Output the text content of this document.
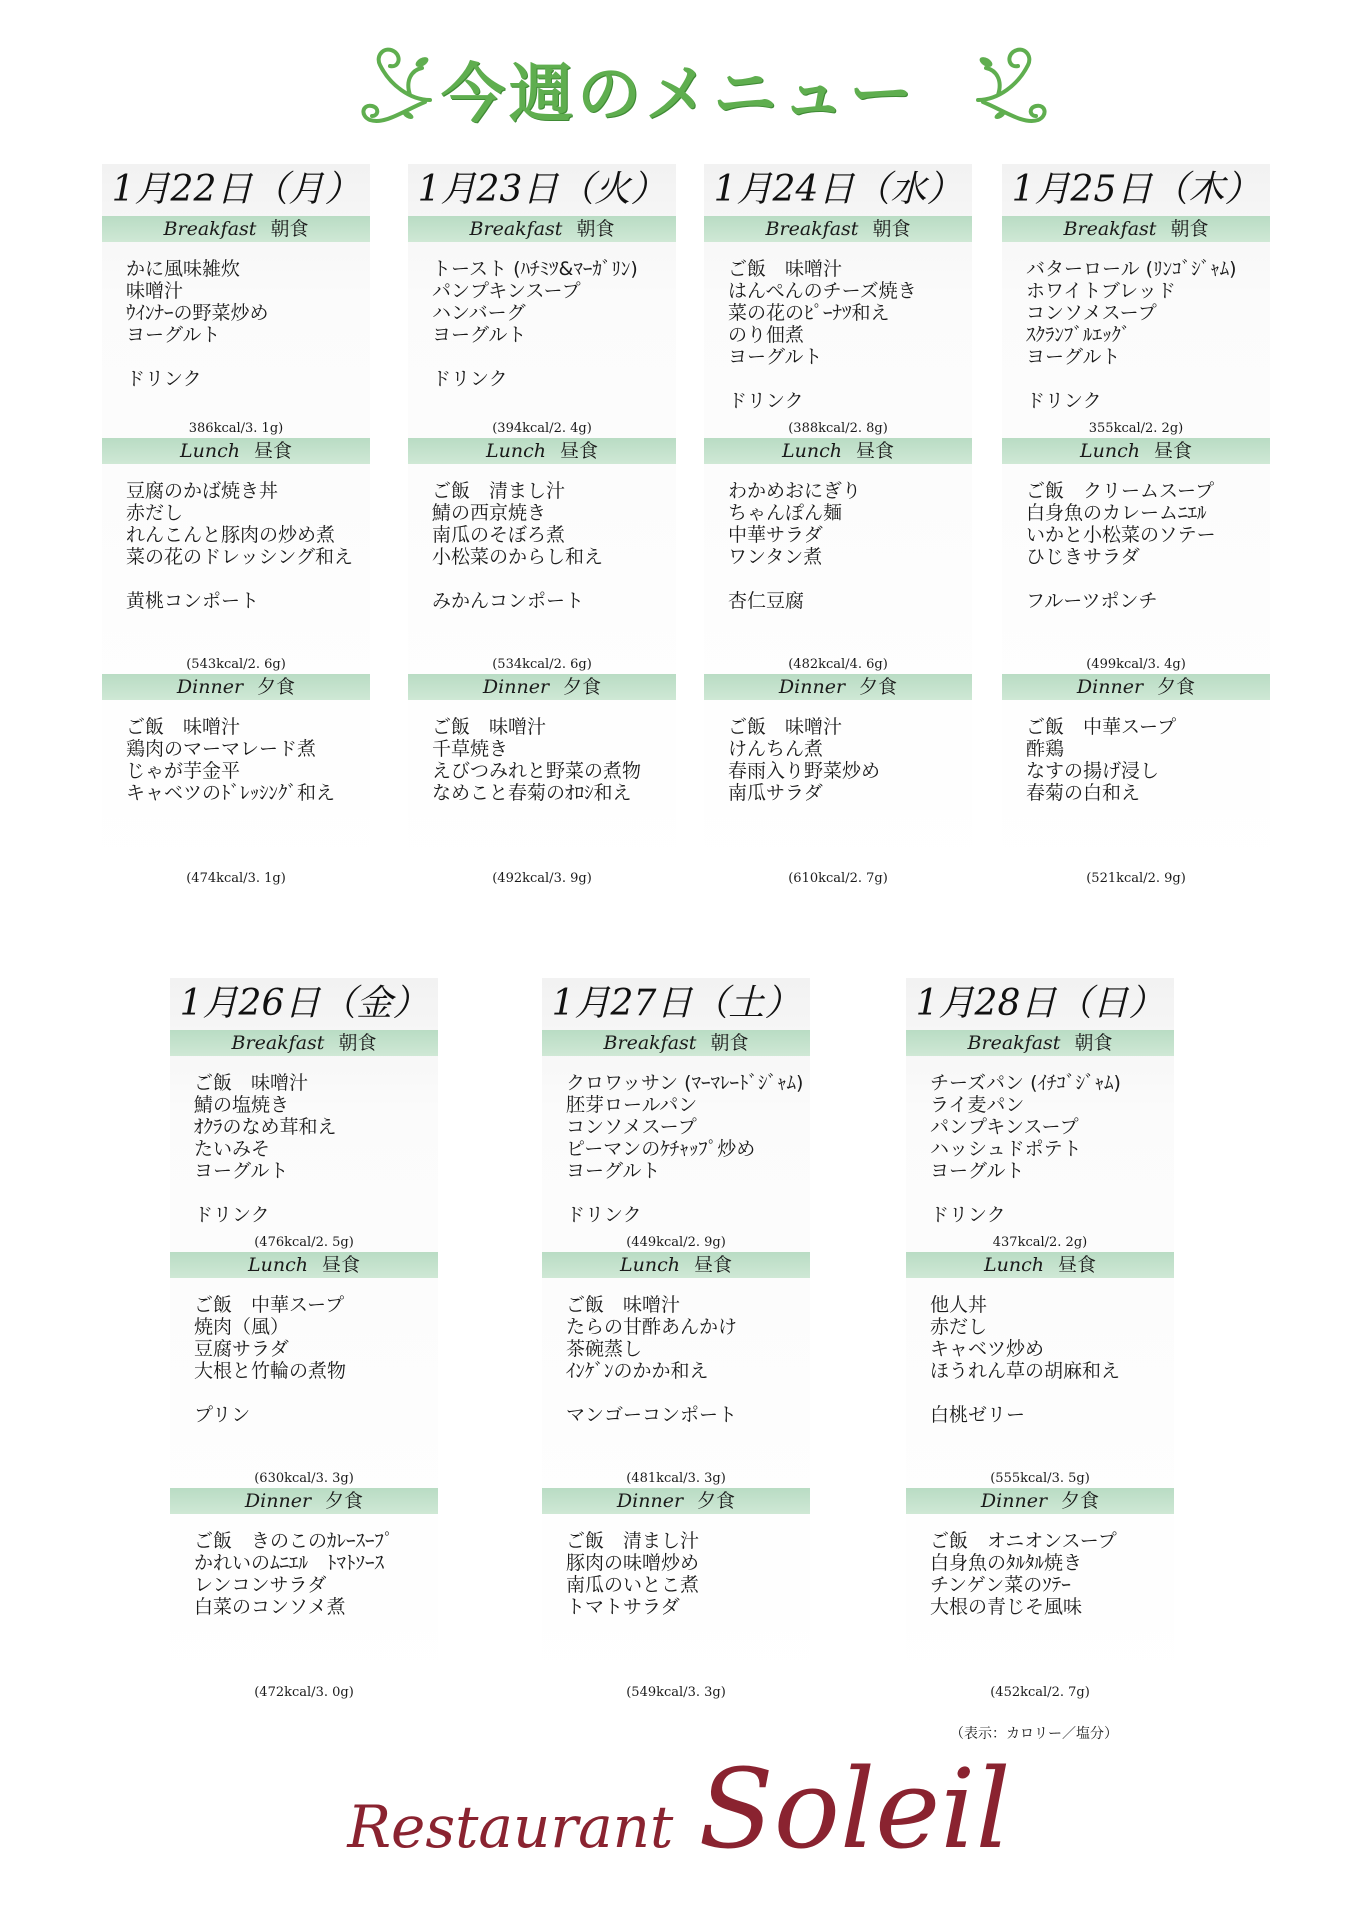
今週のメニュー
1月22日（月）
Breakfast 朝食
かに風味雑炊
味噌汁
ｳｲﾝﾅｰの野菜炒め
ヨーグルト
ドリンク
386kcal/3. 1g)
Lunch 昼食
豆腐のかば焼き丼
赤だし
れんこんと豚肉の炒め煮
菜の花のドレッシング和え
黄桃コンポート
(543kcal/2. 6g)
Dinner 夕食
ご飯　味噌汁
鶏肉のマーマレード煮
じゃが芋金平
キャベツのﾄﾞﾚｯｼﾝｸﾞ和え
(474kcal/3. 1g)
1月23日（火）
Breakfast 朝食
トースト (ﾊﾁﾐﾂ&ﾏｰｶﾞﾘﾝ)
パンプキンスープ
ハンバーグ
ヨーグルト
ドリンク
(394kcal/2. 4g)
Lunch 昼食
ご飯　清まし汁
鯖の西京焼き
南瓜のそぼろ煮
小松菜のからし和え
みかんコンポート
(534kcal/2. 6g)
Dinner 夕食
ご飯　味噌汁
千草焼き
えびつみれと野菜の煮物
なめこと春菊のｵﾛｼ和え
(492kcal/3. 9g)
1月24日（水）
Breakfast 朝食
ご飯　味噌汁
はんぺんのチーズ焼き
菜の花のﾋﾟｰﾅﾂ和え
のり佃煮
ヨーグルト
ドリンク
(388kcal/2. 8g)
Lunch 昼食
わかめおにぎり
ちゃんぽん麺
中華サラダ
ワンタン煮
杏仁豆腐
(482kcal/4. 6g)
Dinner 夕食
ご飯　味噌汁
けんちん煮
春雨入り野菜炒め
南瓜サラダ
(610kcal/2. 7g)
1月25日（木）
Breakfast 朝食
バターロール (ﾘﾝｺﾞｼﾞｬﾑ)
ホワイトブレッド
コンソメスープ
ｽｸﾗﾝﾌﾞﾙｴｯｸﾞ
ヨーグルト
ドリンク
355kcal/2. 2g)
Lunch 昼食
ご飯　クリームスープ
白身魚のカレームﾆｴﾙ
いかと小松菜のソテー
ひじきサラダ
フルーツポンチ
(499kcal/3. 4g)
Dinner 夕食
ご飯　中華スープ
酢鶏
なすの揚げ浸し
春菊の白和え
(521kcal/2. 9g)
1月26日（金）
Breakfast 朝食
ご飯　味噌汁
鯖の塩焼き
ｵｸﾗのなめ茸和え
たいみそ
ヨーグルト
ドリンク
(476kcal/2. 5g)
Lunch 昼食
ご飯　中華スープ
焼肉（風）
豆腐サラダ
大根と竹輪の煮物
プリン
(630kcal/3. 3g)
Dinner 夕食
ご飯　きのこのｶﾚｰｽｰﾌﾟ
かれいのﾑﾆｴﾙ　ﾄﾏﾄｿｰｽ
レンコンサラダ
白菜のコンソメ煮
(472kcal/3. 0g)
1月27日（土）
Breakfast 朝食
クロワッサン (ﾏｰﾏﾚｰﾄﾞｼﾞｬﾑ)
胚芽ロールパン
コンソメスープ
ピーマンのｹﾁｬｯﾌﾟ炒め
ヨーグルト
ドリンク
(449kcal/2. 9g)
Lunch 昼食
ご飯　味噌汁
たらの甘酢あんかけ
茶碗蒸し
ｲﾝｹﾞﾝのかか和え
マンゴーコンポート
(481kcal/3. 3g)
Dinner 夕食
ご飯　清まし汁
豚肉の味噌炒め
南瓜のいとこ煮
トマトサラダ
(549kcal/3. 3g)
1月28日（日）
Breakfast 朝食
チーズパン (ｲﾁｺﾞｼﾞｬﾑ)
ライ麦パン
パンプキンスープ
ハッシュドポテト
ヨーグルト
ドリンク
437kcal/2. 2g)
Lunch 昼食
他人丼
赤だし
キャベツ炒め
ほうれん草の胡麻和え
白桃ゼリー
(555kcal/3. 5g)
Dinner 夕食
ご飯　オニオンスープ
白身魚のﾀﾙﾀﾙ焼き
チンゲン菜のｿﾃｰ
大根の青じそ風味
(452kcal/2. 7g)
（表示：カロリー／塩分）
Restaurant Soleil
